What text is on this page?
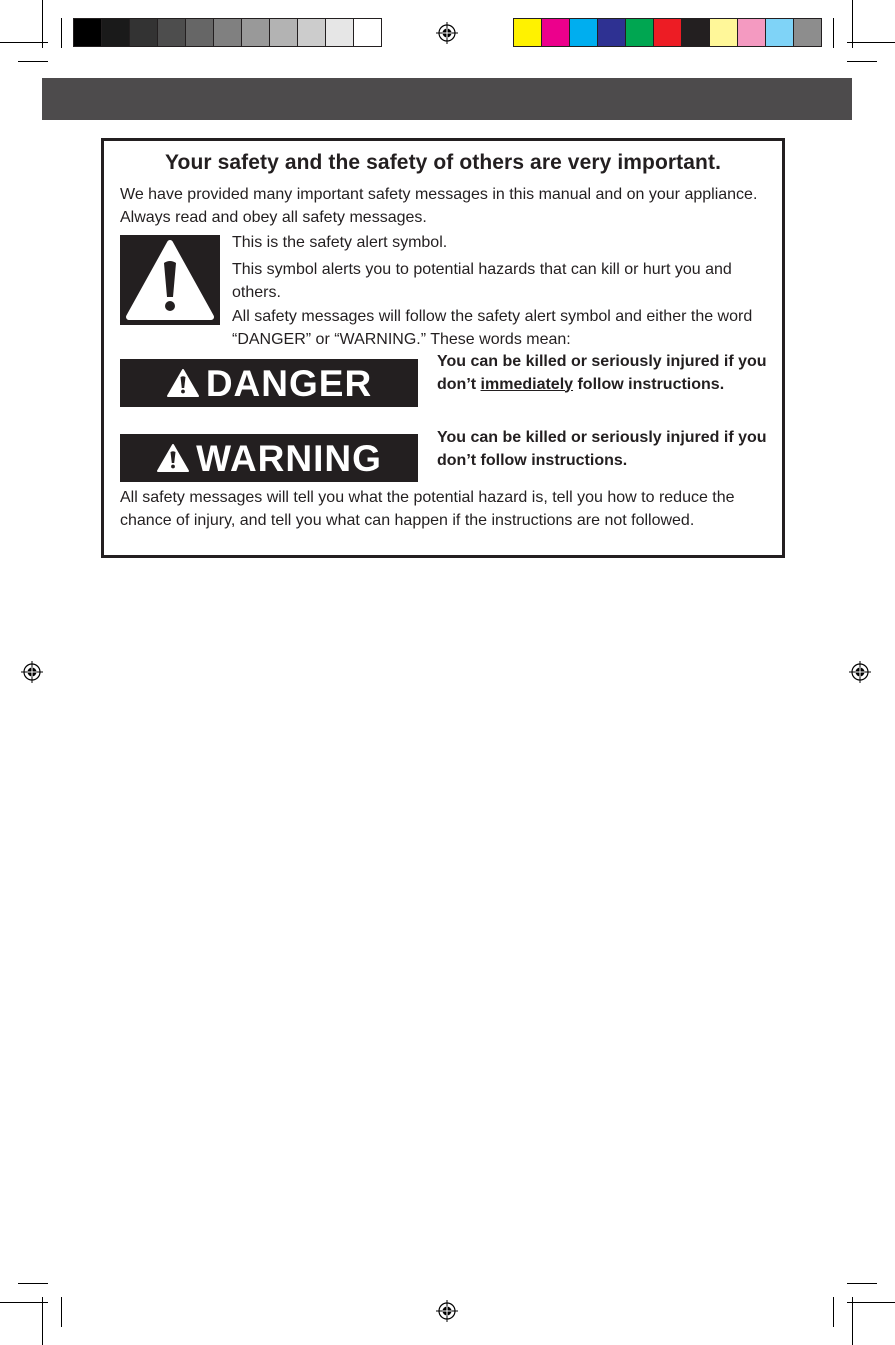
Your safety and the safety of others are very important.
We have provided many important safety messages in this manual and on your appliance. Always read and obey all safety messages.
This is the safety alert symbol.
This symbol alerts you to potential hazards that can kill or hurt you and others.
All safety messages will follow the safety alert symbol and either the word “DANGER” or “WARNING.” These words mean:
DANGER
You can be killed or seriously injured if you don’t immediately follow instructions.
WARNING	You can be killed or seriously injured if you don’t follow instructions.
All safety messages will tell you what the potential hazard is, tell you how to reduce the chance of injury, and tell you what can happen if the instructions are not followed.
